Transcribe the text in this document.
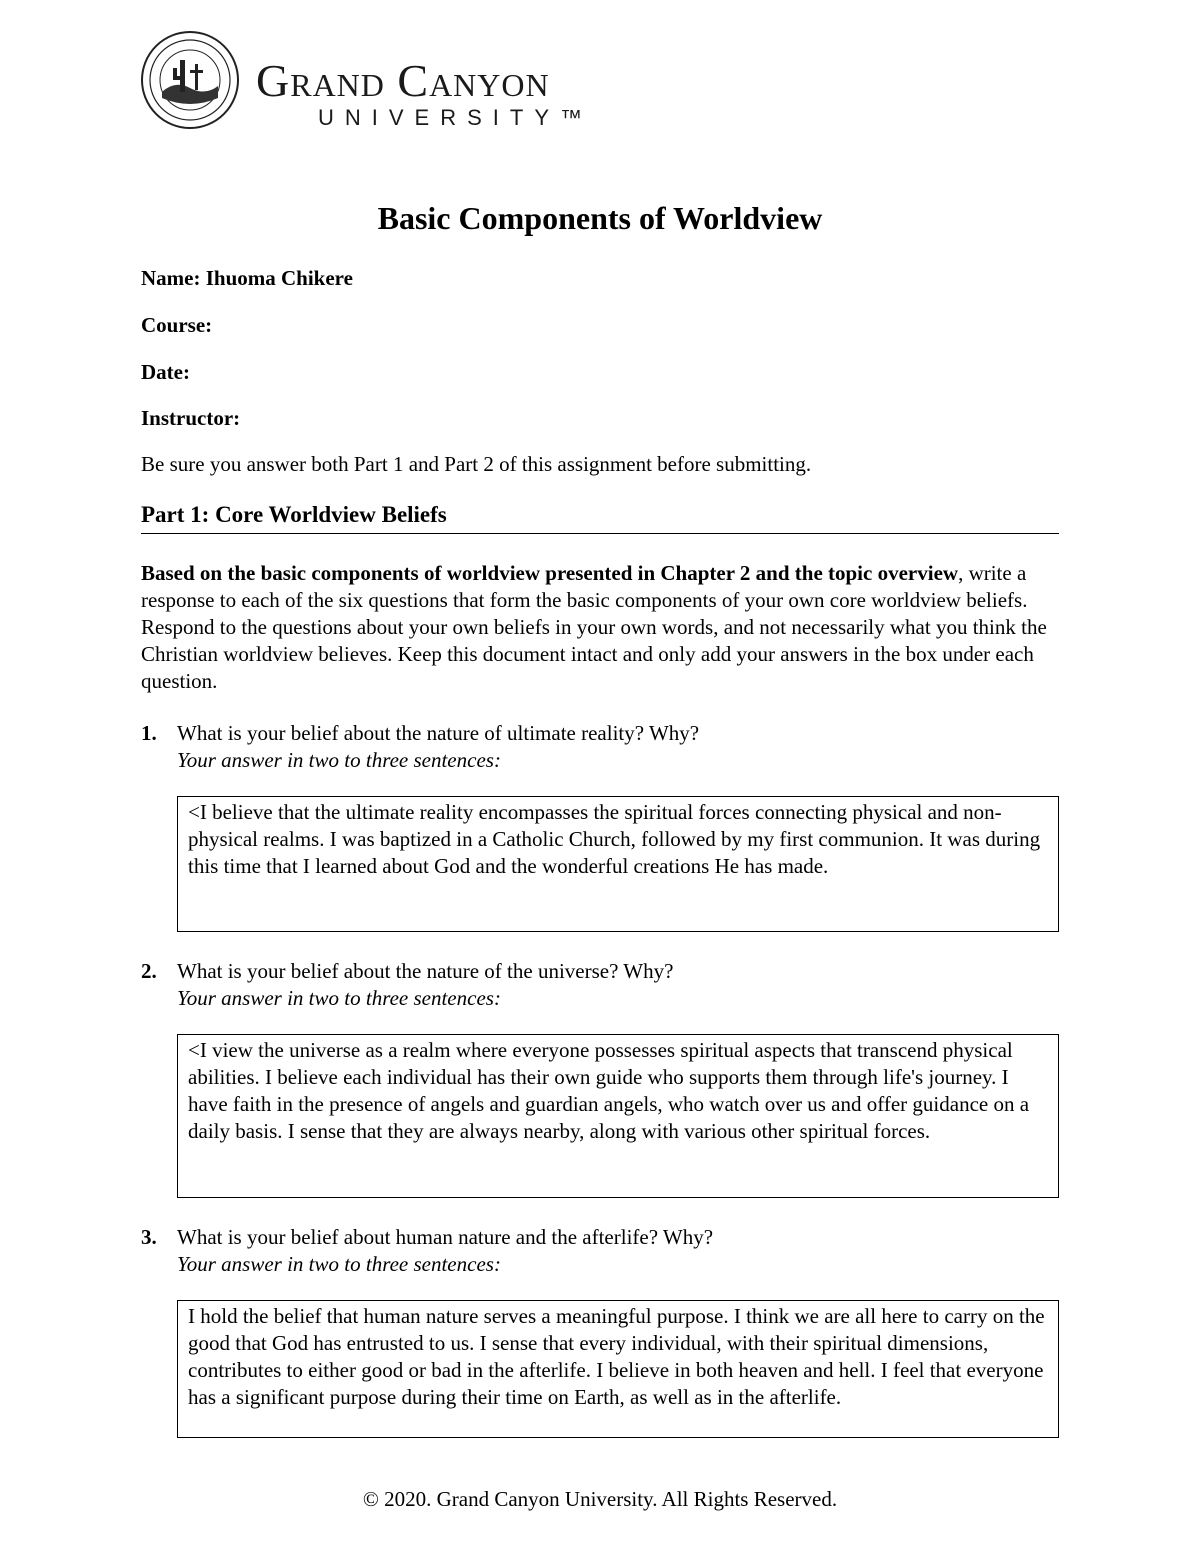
Grand Canyon
UNIVERSITY™
Basic Components of Worldview
Name: Ihuoma Chikere
Course:
Date:
Instructor:
Be sure you answer both Part 1 and Part 2 of this assignment before submitting.
Part 1: Core Worldview Beliefs
Based on the basic components of worldview presented in Chapter 2 and the topic overview, write a response to each of the six questions that form the basic components of your own core worldview beliefs. Respond to the questions about your own beliefs in your own words, and not necessarily what you think the Christian worldview believes. Keep this document intact and only add your answers in the box under each question.
1. What is your belief about the nature of ultimate reality? Why?
Your answer in two to three sentences:
<I believe that the ultimate reality encompasses the spiritual forces connecting physical and non-physical realms. I was baptized in a Catholic Church, followed by my first communion. It was during this time that I learned about God and the wonderful creations He has made.
2. What is your belief about the nature of the universe? Why?
Your answer in two to three sentences:
<I view the universe as a realm where everyone possesses spiritual aspects that transcend physical abilities. I believe each individual has their own guide who supports them through life's journey. I have faith in the presence of angels and guardian angels, who watch over us and offer guidance on a daily basis. I sense that they are always nearby, along with various other spiritual forces.
3. What is your belief about human nature and the afterlife? Why?
Your answer in two to three sentences:
I hold the belief that human nature serves a meaningful purpose. I think we are all here to carry on the good that God has entrusted to us. I sense that every individual, with their spiritual dimensions, contributes to either good or bad in the afterlife. I believe in both heaven and hell. I feel that everyone has a significant purpose during their time on Earth, as well as in the afterlife.
© 2020. Grand Canyon University. All Rights Reserved.
